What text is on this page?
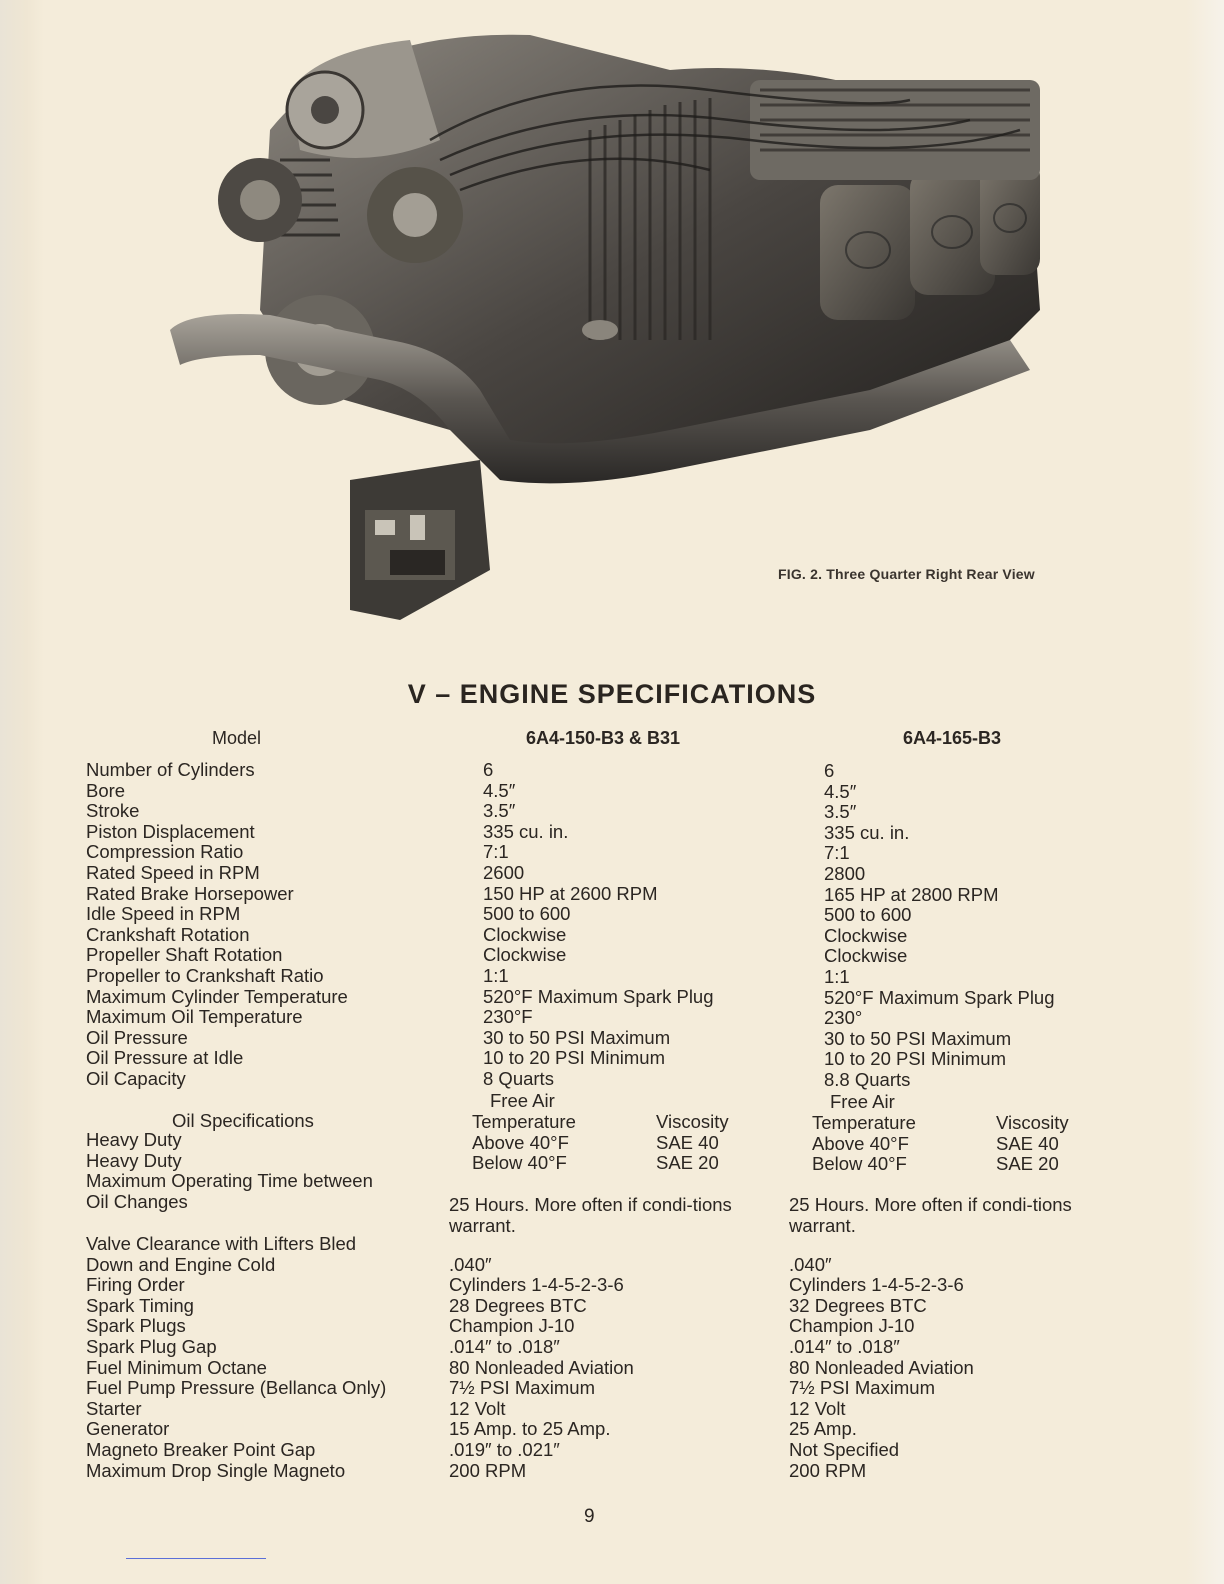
FIG. 2. Three Quarter Right Rear View
V – ENGINE SPECIFICATIONS
Model	6A4-150-B3 & B31	6A4-165-B3
Number of Cylinders
Bore
Stroke
Piston Displacement
Compression Ratio
Rated Speed in RPM
Rated Brake Horsepower
Idle Speed in RPM
Crankshaft Rotation
Propeller Shaft Rotation
Propeller to Crankshaft Ratio
Maximum Cylinder Temperature
Maximum Oil Temperature
Oil Pressure
Oil Pressure at Idle
Oil Capacity
6
4.5″
3.5″
335 cu. in.
7:1
2600
150 HP at 2600 RPM
500 to 600
Clockwise
Clockwise
1:1
520°F Maximum Spark Plug
230°F
30 to 50 PSI Maximum
10 to 20 PSI Minimum
8 Quarts
6
4.5″
3.5″
335 cu. in.
7:1
2800
165 HP at 2800 RPM
500 to 600
Clockwise
Clockwise
1:1
520°F Maximum Spark Plug
230°
30 to 50 PSI Maximum
10 to 20 PSI Minimum
8.8 Quarts
Oil Specifications
Heavy Duty
Heavy Duty
Maximum Operating Time between
Oil Changes
Free Air
Temperature
Above 40°F
Below 40°F
Viscosity
SAE 40
SAE 20
Free Air
Temperature
Above 40°F
Below 40°F
Viscosity
SAE 40
SAE 20
25 Hours. More often if condi-tions warrant.
25 Hours. More often if condi-tions warrant.
Valve Clearance with Lifters Bled
Down and Engine Cold
Firing Order
Spark Timing
Spark Plugs
Spark Plug Gap
Fuel Minimum Octane
Fuel Pump Pressure (Bellanca Only)
Starter
Generator
Magneto Breaker Point Gap
Maximum Drop Single Magneto

.040″
Cylinders 1-4-5-2-3-6
28 Degrees BTC
Champion J-10
.014″ to .018″
80 Nonleaded Aviation
7½ PSI Maximum
12 Volt
15 Amp. to 25 Amp.
.019″ to .021″
200 RPM

.040″
Cylinders 1-4-5-2-3-6
32 Degrees BTC
Champion J-10
.014″ to .018″
80 Nonleaded Aviation
7½ PSI Maximum
12 Volt
25 Amp.
Not Specified
200 RPM
9
